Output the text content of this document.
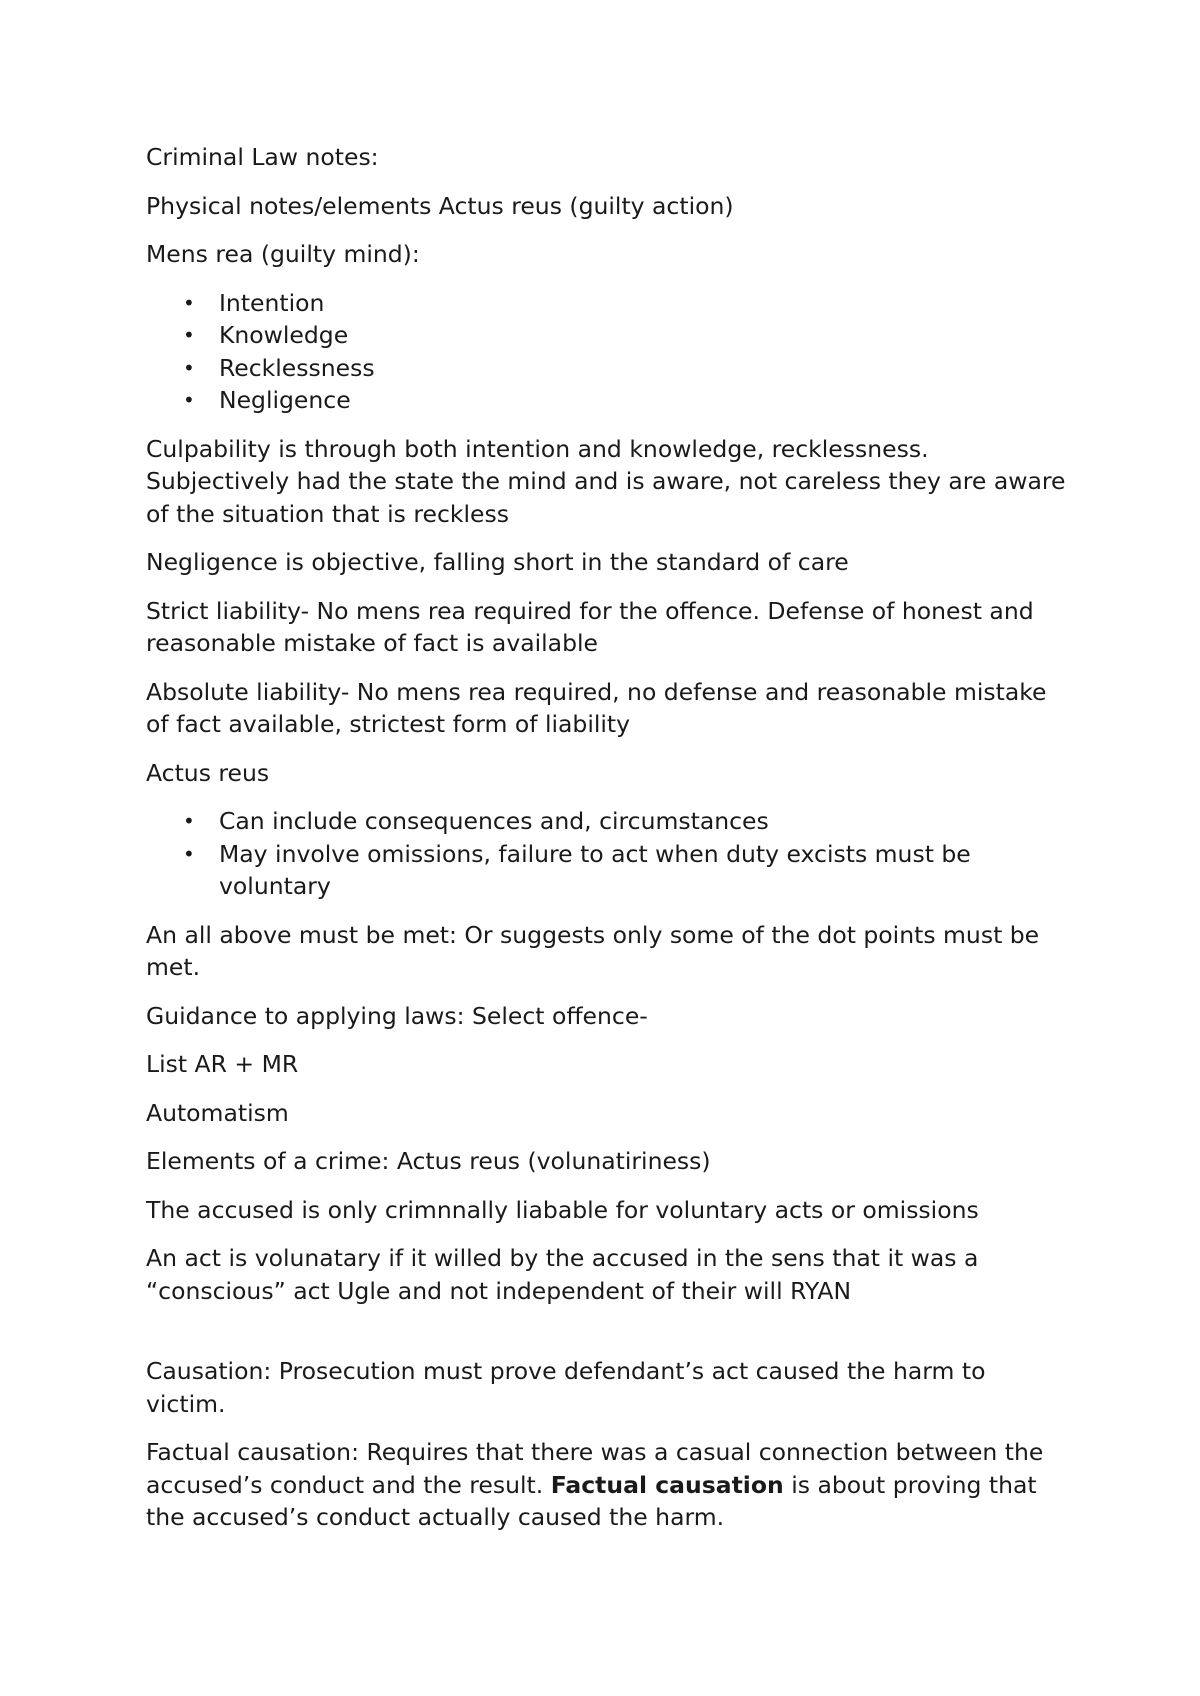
Criminal Law notes:

Physical notes/elements Actus reus (guilty action)

Mens rea (guilty mind):

• Intention
• Knowledge
• Recklessness
• Negligence

Culpability is through both intention and knowledge, recklessness. Subjectively had the state the mind and is aware, not careless they are aware of the situation that is reckless

Negligence is objective, falling short in the standard of care

Strict liability- No mens rea required for the offence. Defense of honest and reasonable mistake of fact is available

Absolute liability- No mens rea required, no defense and reasonable mistake of fact available, strictest form of liability

Actus reus

• Can include consequences and, circumstances
• May involve omissions, failure to act when duty excists must be voluntary

An all above must be met: Or suggests only some of the dot points must be met.

Guidance to applying laws: Select offence-

List AR + MR

Automatism

Elements of a crime: Actus reus (volunatiriness)

The accused is only crimnnally liabable for voluntary acts or omissions

An act is volunatary if it willed by the accused in the sens that it was a “conscious” act Ugle and not independent of their will RYAN

Causation: Prosecution must prove defendant’s act caused the harm to victim.

Factual causation: Requires that there was a casual connection between the accused’s conduct and the result. Factual causation is about proving that the accused’s conduct actually caused the harm.
